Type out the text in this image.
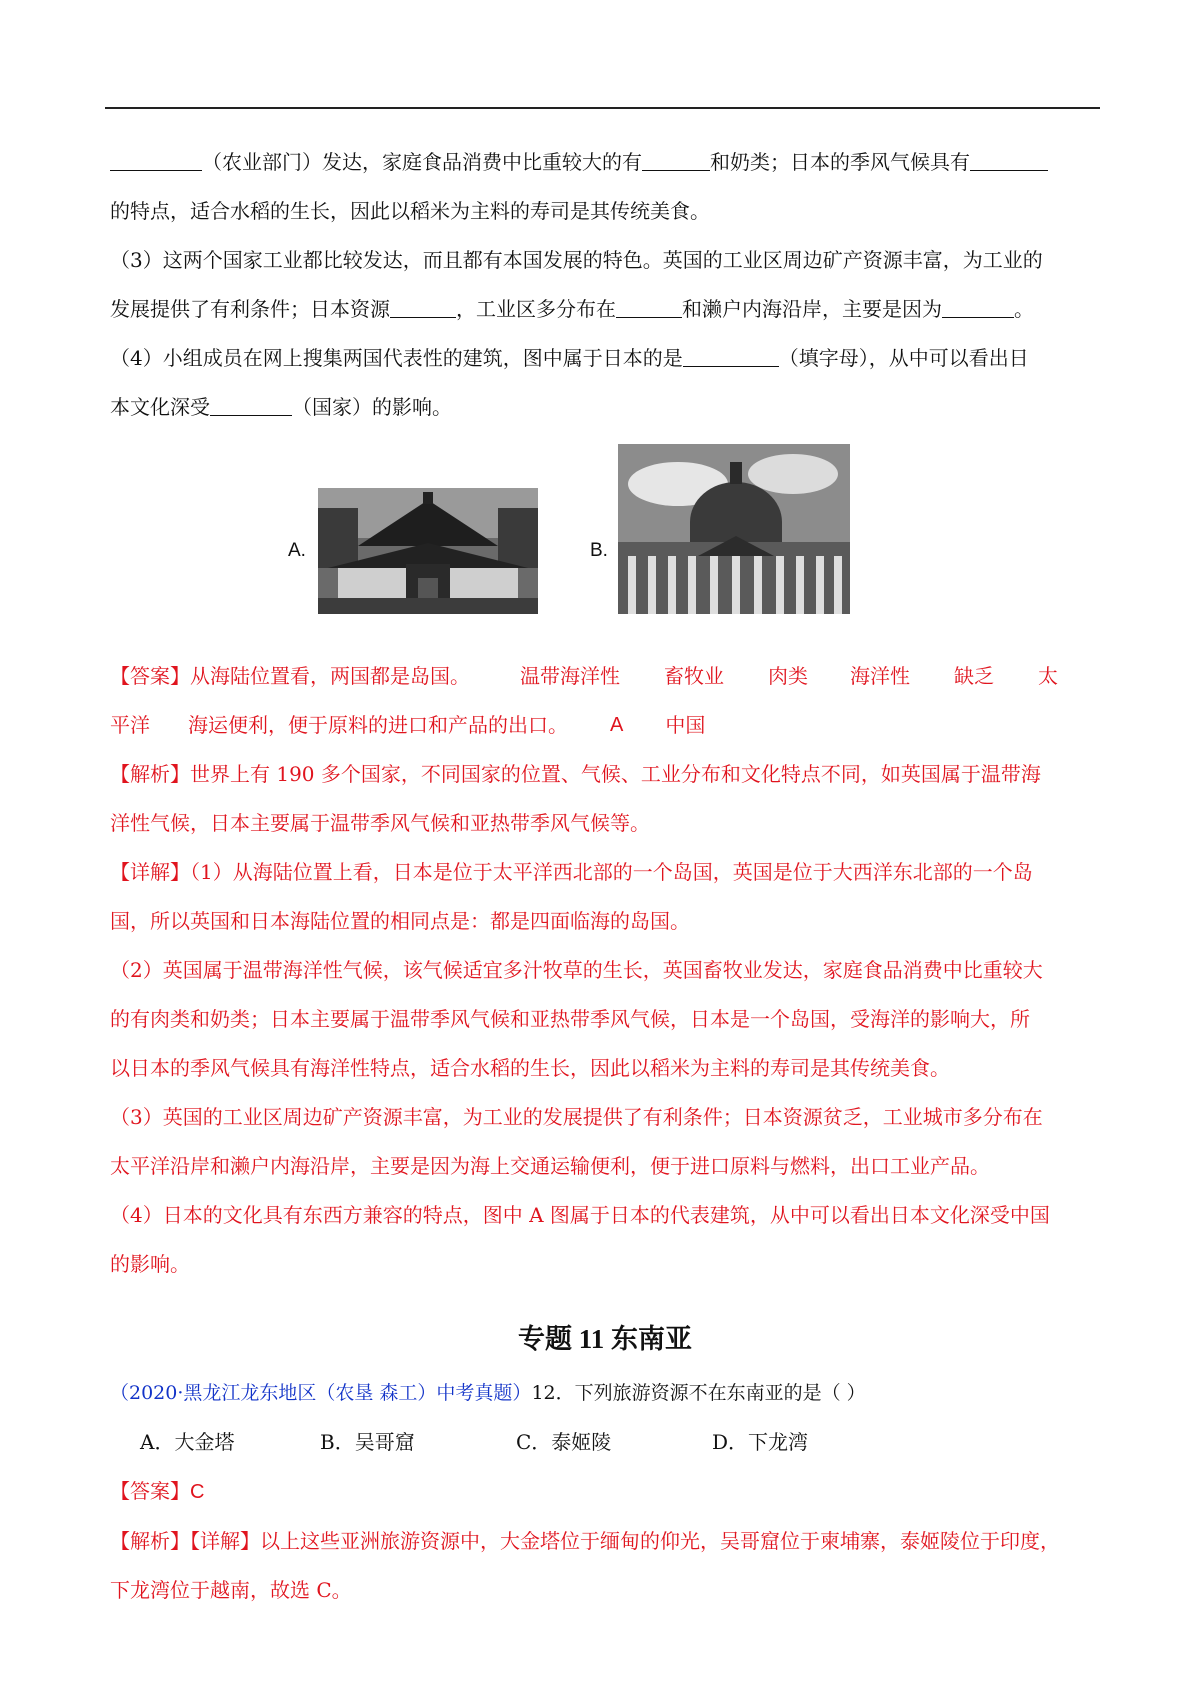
（农业部门）发达，家庭食品消费中比重较大的有	和奶类；日本的季风气候具有

的特点，适合水稻的生长，因此以稻米为主料的寿司是其传统美食。

（3）这两个国家工业都比较发达，而且都有本国发展的特色。英国的工业区周边矿产资源丰富，为工业的

发展提供了有利条件；日本资源	，工业区多分布在	和濑户内海沿岸，主要是因为	。

（4）小组成员在网上搜集两国代表性的建筑，图中属于日本的是	（填字母），从中可以看出日

本文化深受	（国家）的影响。

A.	B.

【答案】 从海陆位置看，两国都是岛国。	温带海洋性 畜牧业 肉类 海洋性 缺乏 太

平洋 海运便利，便于原料的进口和产品的出口。 A 中国

【解析】世界上有 190 多个国家，不同国家的位置、气候、工业分布和文化特点不同，如英国属于温带海

洋性气候，日本主要属于温带季风气候和亚热带季风气候等。

【详解】（1）从海陆位置上看，日本是位于太平洋西北部的一个岛国，英国是位于大西洋东北部的一个岛

国，所以英国和日本海陆位置的相同点是：都是四面临海的岛国。

（2）英国属于温带海洋性气候，该气候适宜多汁牧草的生长，英国畜牧业发达，家庭食品消费中比重较大

的有肉类和奶类；日本主要属于温带季风气候和亚热带季风气候，日本是一个岛国，受海洋的影响大，所

以日本的季风气候具有海洋性特点，适合水稻的生长，因此以稻米为主料的寿司是其传统美食。

（3）英国的工业区周边矿产资源丰富，为工业的发展提供了有利条件；日本资源贫乏，工业城市多分布在

太平洋沿岸和濑户内海沿岸，主要是因为海上交通运输便利，便于进口原料与燃料，出口工业产品。

（4）日本的文化具有东西方兼容的特点，图中 A 图属于日本的代表建筑，从中可以看出日本文化深受中国

的影响。

专题 11 东南亚

（2020·黑龙江龙东地区（农垦 森工）中考真题）12．下列旅游资源不在东南亚的是（ ）

A．大金塔	B．吴哥窟	C．泰姬陵	D．下龙湾

【答案】C

【解析】【详解】以上这些亚洲旅游资源中，大金塔位于缅甸的仰光，吴哥窟位于柬埔寨，泰姬陵位于印度，

下龙湾位于越南，故选 C。
